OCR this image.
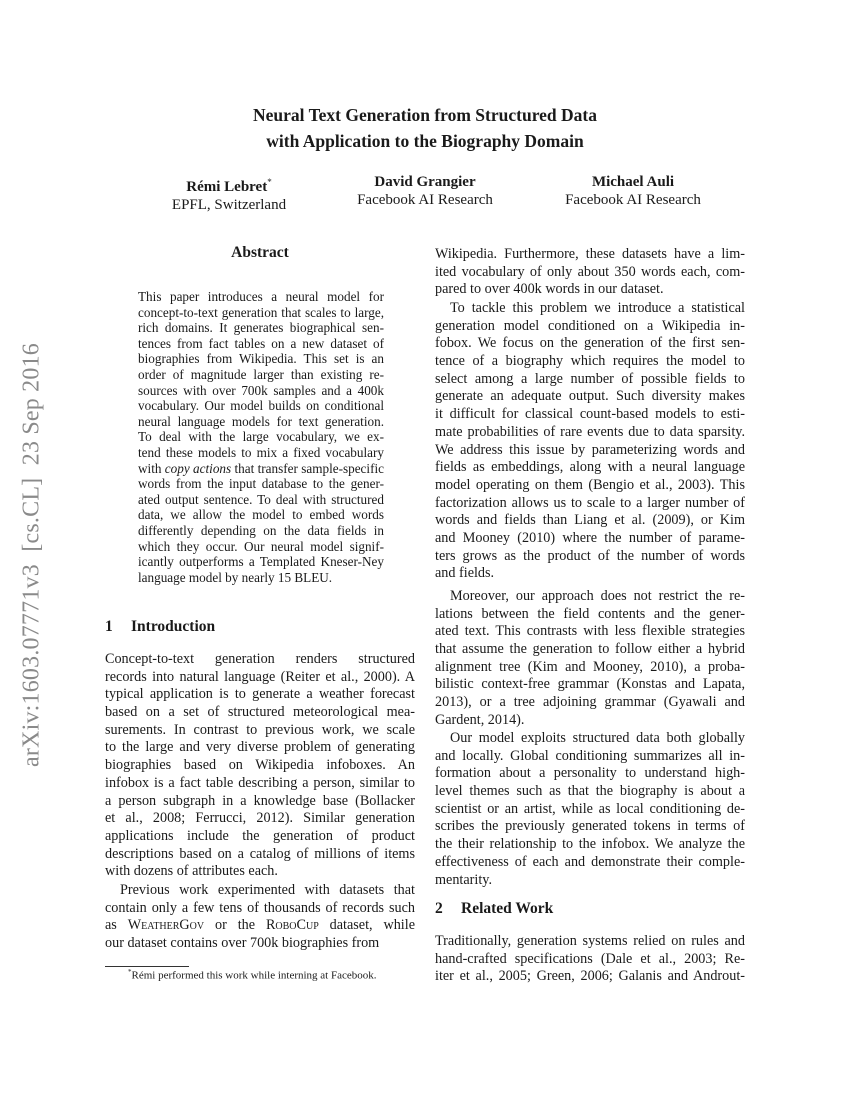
arXiv:1603.07771v3  [cs.CL]  23 Sep 2016
Neural Text Generation from Structured Data
with Application to the Biography Domain
Rémi Lebret*
EPFL, Switzerland
David Grangier
Facebook AI Research
Michael Auli
Facebook AI Research
Abstract
This paper introduces a neural model for
concept-to-text generation that scales to large,
rich domains. It generates biographical sen-
tences from fact tables on a new dataset of
biographies from Wikipedia. This set is an
order of magnitude larger than existing re-
sources with over 700k samples and a 400k
vocabulary. Our model builds on conditional
neural language models for text generation.
To deal with the large vocabulary, we ex-
tend these models to mix a fixed vocabulary
with copy actions that transfer sample-specific
words from the input database to the gener-
ated output sentence. To deal with structured
data, we allow the model to embed words
differently depending on the data fields in
which they occur. Our neural model signif-
icantly outperforms a Templated Kneser-Ney
language model by nearly 15 BLEU.
1 Introduction
Concept-to-text generation renders structured
records into natural language (Reiter et al., 2000). A
typical application is to generate a weather forecast
based on a set of structured meteorological mea-
surements. In contrast to previous work, we scale
to the large and very diverse problem of generating
biographies based on Wikipedia infoboxes. An
infobox is a fact table describing a person, similar to
a person subgraph in a knowledge base (Bollacker
et al., 2008; Ferrucci, 2012). Similar generation
applications include the generation of product
descriptions based on a catalog of millions of items
with dozens of attributes each.
Previous work experimented with datasets that
contain only a few tens of thousands of records such
as WeatherGov or the RoboCup dataset, while
our dataset contains over 700k biographies from
*Rémi performed this work while interning at Facebook.
Wikipedia. Furthermore, these datasets have a lim-
ited vocabulary of only about 350 words each, com-
pared to over 400k words in our dataset.
To tackle this problem we introduce a statistical
generation model conditioned on a Wikipedia in-
fobox. We focus on the generation of the first sen-
tence of a biography which requires the model to
select among a large number of possible fields to
generate an adequate output. Such diversity makes
it difficult for classical count-based models to esti-
mate probabilities of rare events due to data sparsity.
We address this issue by parameterizing words and
fields as embeddings, along with a neural language
model operating on them (Bengio et al., 2003). This
factorization allows us to scale to a larger number of
words and fields than Liang et al. (2009), or Kim
and Mooney (2010) where the number of parame-
ters grows as the product of the number of words
and fields.
Moreover, our approach does not restrict the re-
lations between the field contents and the gener-
ated text. This contrasts with less flexible strategies
that assume the generation to follow either a hybrid
alignment tree (Kim and Mooney, 2010), a proba-
bilistic context-free grammar (Konstas and Lapata,
2013), or a tree adjoining grammar (Gyawali and
Gardent, 2014).
Our model exploits structured data both globally
and locally. Global conditioning summarizes all in-
formation about a personality to understand high-
level themes such as that the biography is about a
scientist or an artist, while as local conditioning de-
scribes the previously generated tokens in terms of
the their relationship to the infobox. We analyze the
effectiveness of each and demonstrate their comple-
mentarity.
2 Related Work
Traditionally, generation systems relied on rules and
hand-crafted specifications (Dale et al., 2003; Re-
iter et al., 2005; Green, 2006; Galanis and Androut-
